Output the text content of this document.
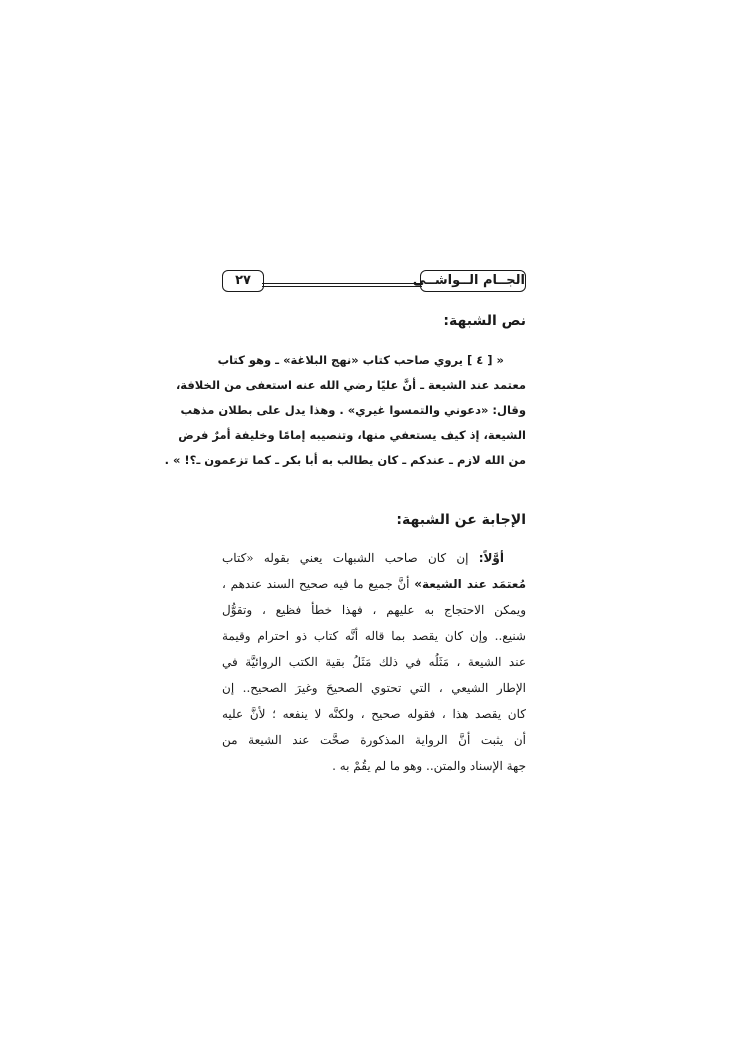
الجــام الــواشــي
٢٧
نص الشبهة:
« [ ٤ ] يروي صاحب كتاب «نهج البلاغة» ـ وهو كتاب
معتمد عند الشيعة ـ أنَّ عليًا رضي الله عنه استعفى من الخلافة،
وقال: «دعوني والتمسوا غيري» . وهذا يدل على بطلان مذهب
الشيعة، إذ كيف يستعفي منها، وتنصيبه إمامًا وخليفة أمرٌ فرض
من الله لازم ـ عندكم ـ كان يطالب به أبا بكر ـ كما تزعمون ـ؟! » .
الإجابة عن الشبهة:
أوَّلاً: إن كان صاحب الشبهات يعني بقوله «كتاب
مُعتمَد عند الشيعة» أنَّ جميع ما فيه صحيح السند عندهم ،
ويمكن الاحتجاج به عليهم ، فهذا خطأ فظيع ، وتقوُّل
شنيع.. وإن كان يقصد بما قاله أنَّه كتاب ذو احترام وقيمة
عند الشيعة ، مَثَلُه في ذلك مَثَلُ بقية الكتب الروائيَّة في
الإطار الشيعي ، التي تحتوي الصحيحَ وغيرَ الصحيح.. إن
كان يقصد هذا ، فقوله صحيح ، ولكنَّه لا ينفعه ؛ لأنَّ عليه
أن يثبت أنَّ الرواية المذكورة صحَّت عند الشيعة من
جهة الإسناد والمتن.. وهو ما لم يقُمْ به .
